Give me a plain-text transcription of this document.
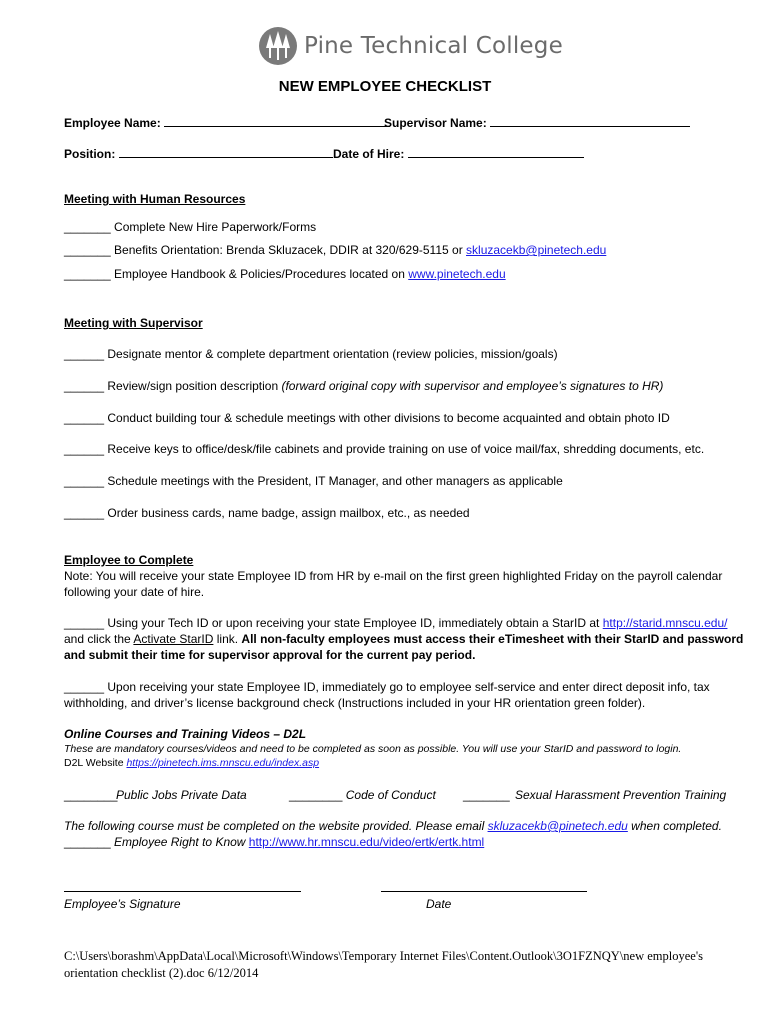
Pine Technical College
NEW EMPLOYEE CHECKLIST
Employee Name:	Supervisor Name:
Position:	Date of Hire:
Meeting with Human Resources
_______ Complete New Hire Paperwork/Forms
_______ Benefits Orientation: Brenda Skluzacek, DDIR at 320/629-5115 or skluzacekb@pinetech.edu
_______ Employee Handbook & Policies/Procedures located on www.pinetech.edu
Meeting with Supervisor
______ Designate mentor & complete department orientation (review policies, mission/goals)
______ Review/sign position description (forward original copy with supervisor and employee’s signatures to HR)
______ Conduct building tour & schedule meetings with other divisions to become acquainted and obtain photo ID
______ Receive keys to office/desk/file cabinets and provide training on use of voice mail/fax, shredding documents, etc.
______ Schedule meetings with the President, IT Manager, and other managers as applicable
______ Order business cards, name badge, assign mailbox, etc., as needed
Employee to Complete
Note: You will receive your state Employee ID from HR by e-mail on the first green highlighted Friday on the payroll calendar
following your date of hire.
______ Using your Tech ID or upon receiving your state Employee ID, immediately obtain a StarID at http://starid.mnscu.edu/
and click the Activate StarID link. All non-faculty employees must access their eTimesheet with their StarID and password
and submit their time for supervisor approval for the current pay period.
______ Upon receiving your state Employee ID, immediately go to employee self-service and enter direct deposit info, tax
withholding, and driver’s license background check (Instructions included in your HR orientation green folder).
Online Courses and Training Videos – D2L
These are mandatory courses/videos and need to be completed as soon as possible. You will use your StarID and password to login.
D2L Website https://pinetech.ims.mnscu.edu/index.asp
________
Public Jobs Private Data	________ Code of Conduct _______ Sexual Harassment Prevention Training
The following course must be completed on the website provided. Please email skluzacekb@pinetech.edu when completed.
_______ Employee Right to Know http://www.hr.mnscu.edu/video/ertk/ertk.html
Employee’s Signature	Date
C:\Users\borashm\AppData\Local\Microsoft\Windows\Temporary Internet Files\Content.Outlook\3O1FZNQY\new employee's
orientation checklist (2).doc 6/12/2014
